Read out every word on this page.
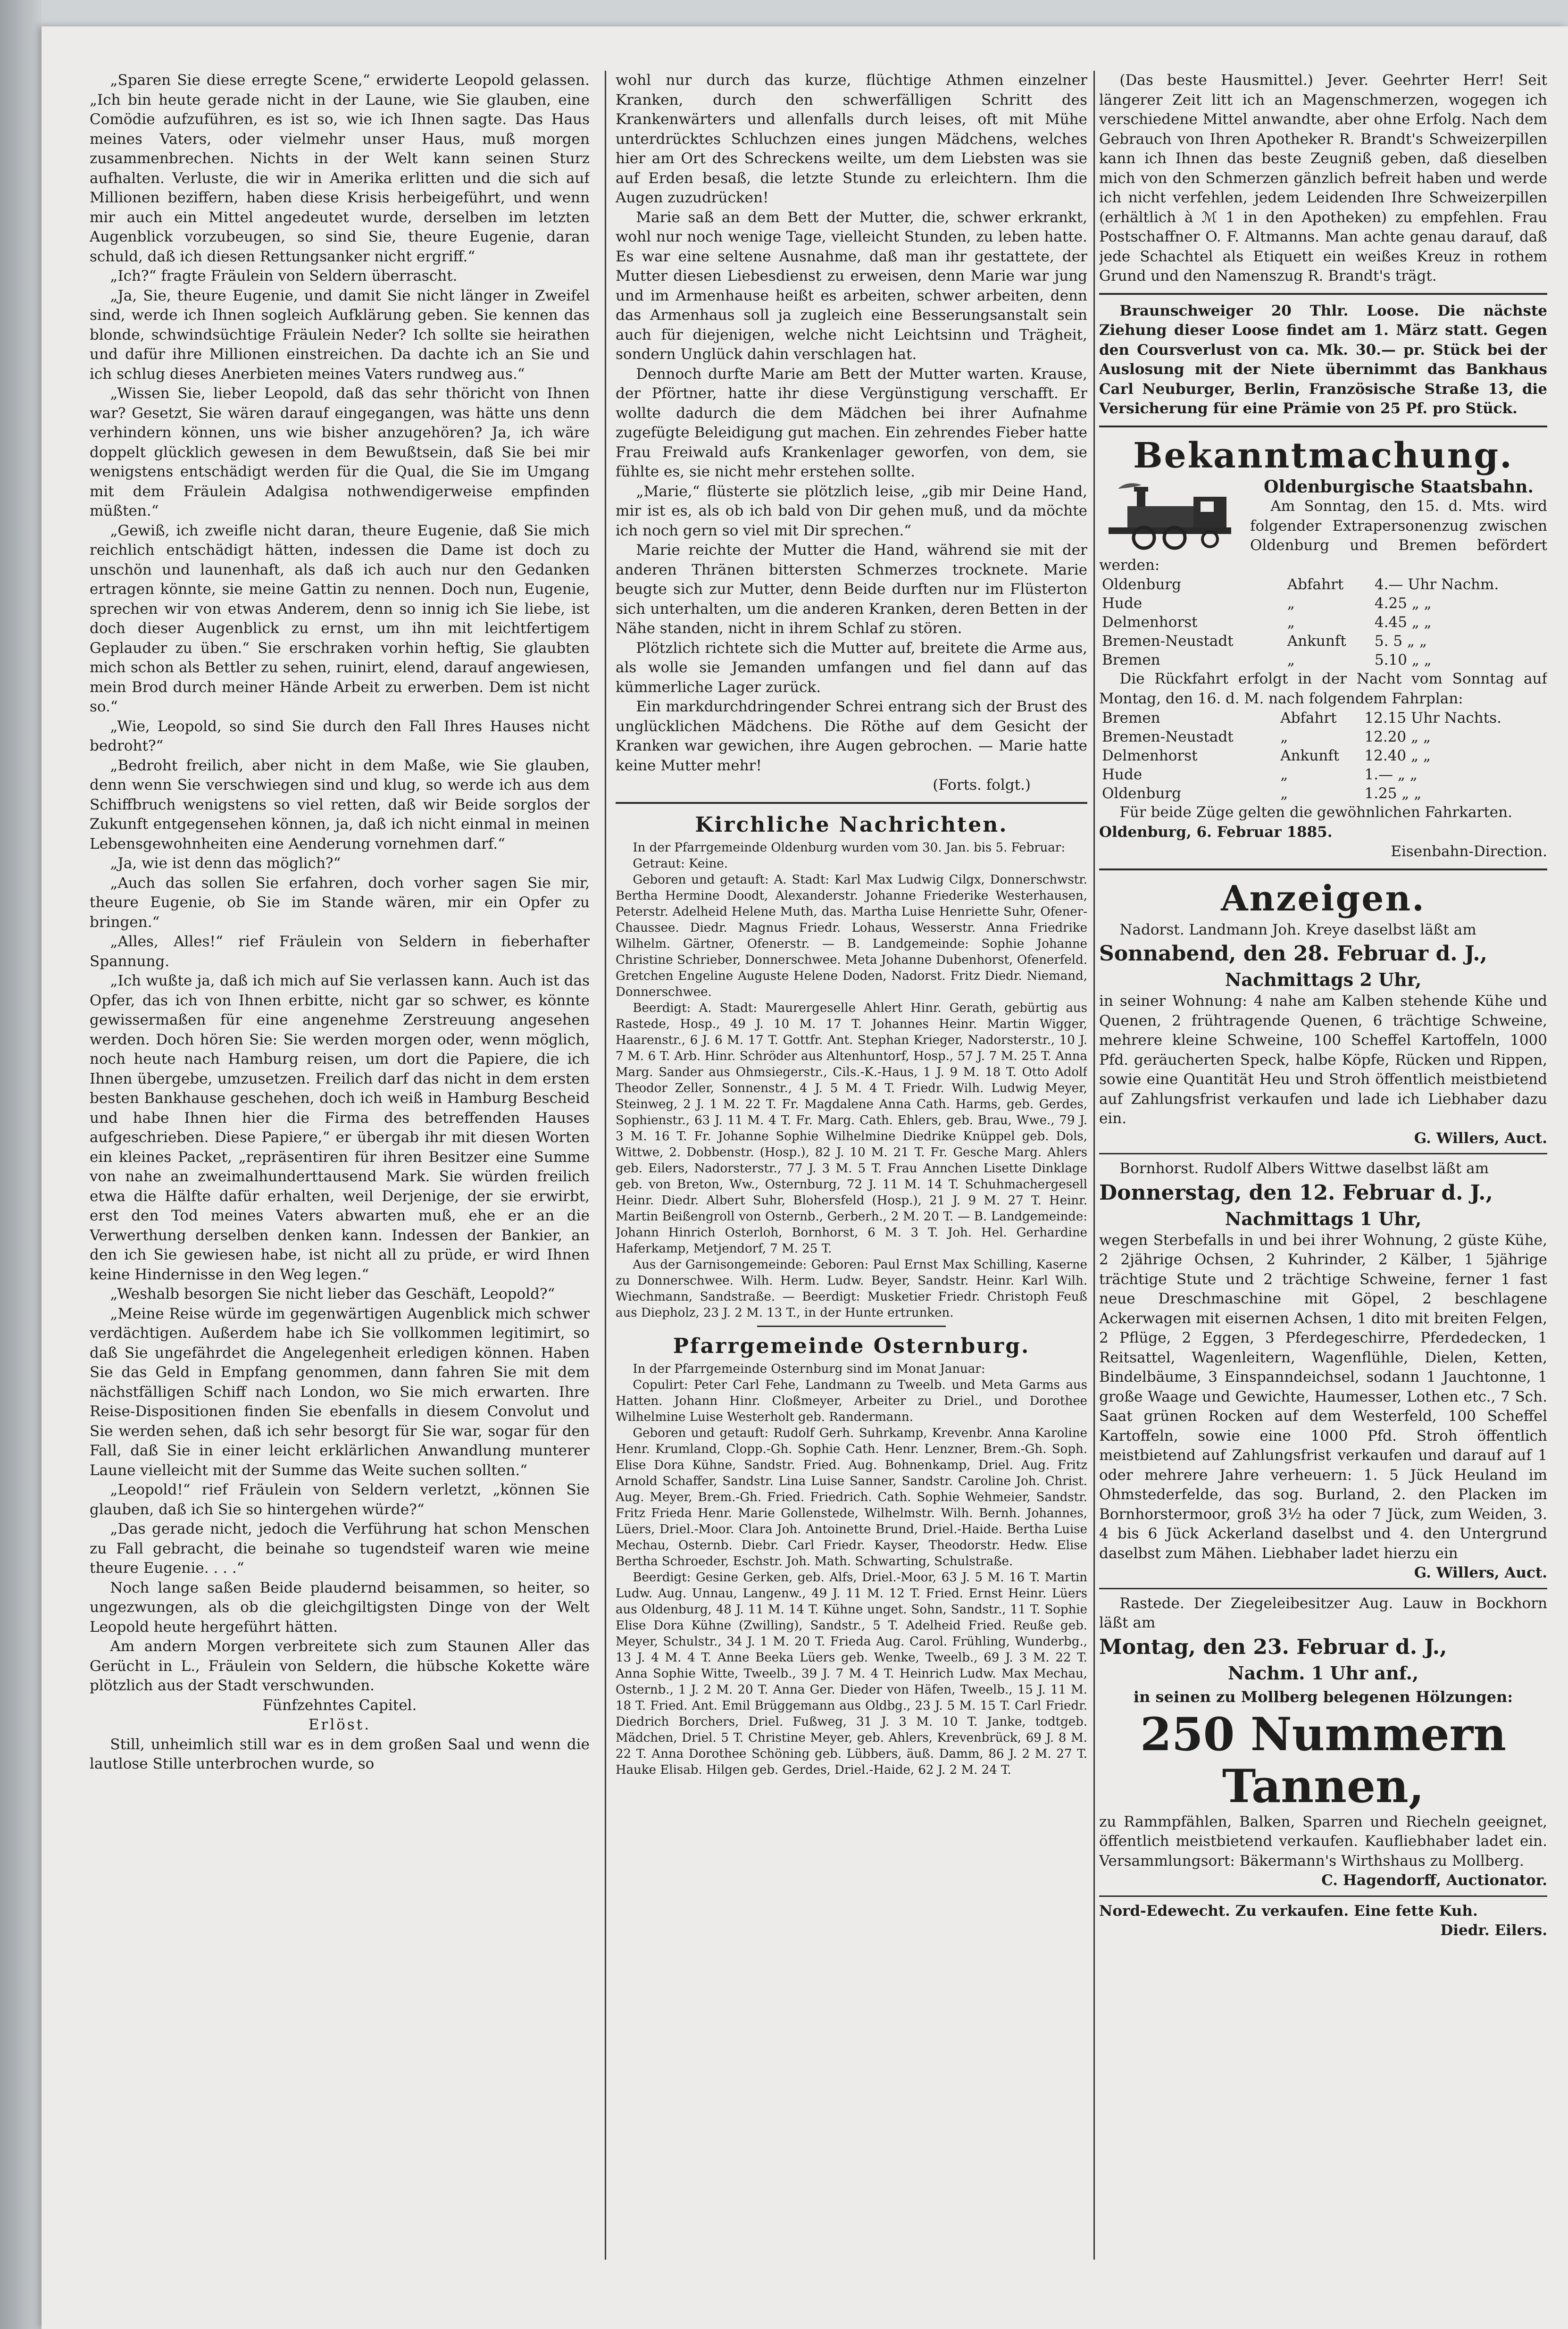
„Sparen Sie diese erregte Scene,“ erwiderte Leopold gelassen. „Ich bin heute gerade nicht in der Laune, wie Sie glauben, eine Comödie aufzuführen, es ist so, wie ich Ihnen sagte. Das Haus meines Vaters, oder vielmehr unser Haus, muß morgen zusammenbrechen. Nichts in der Welt kann seinen Sturz aufhalten. Verluste, die wir in Amerika erlitten und die sich auf Millionen beziffern, haben diese Krisis herbeigeführt, und wenn mir auch ein Mittel angedeutet wurde, derselben im letzten Augenblick vorzubeugen, so sind Sie, theure Eugenie, daran schuld, daß ich diesen Rettungsanker nicht ergriff.“

„Ich?“ fragte Fräulein von Seldern überrascht.

„Ja, Sie, theure Eugenie, und damit Sie nicht länger in Zweifel sind, werde ich Ihnen sogleich Aufklärung geben. Sie kennen das blonde, schwindsüchtige Fräulein Neder? Ich sollte sie heirathen und dafür ihre Millionen einstreichen. Da dachte ich an Sie und ich schlug dieses Anerbieten meines Vaters rundweg aus.“

„Wissen Sie, lieber Leopold, daß das sehr thöricht von Ihnen war? Gesetzt, Sie wären darauf eingegangen, was hätte uns denn verhindern können, uns wie bisher anzugehören? Ja, ich wäre doppelt glücklich gewesen in dem Bewußtsein, daß Sie bei mir wenigstens entschädigt werden für die Qual, die Sie im Umgang mit dem Fräulein Adalgisa nothwendigerweise empfinden müßten.“

„Gewiß, ich zweifle nicht daran, theure Eugenie, daß Sie mich reichlich entschädigt hätten, indessen die Dame ist doch zu unschön und launenhaft, als daß ich auch nur den Gedanken ertragen könnte, sie meine Gattin zu nennen. Doch nun, Eugenie, sprechen wir von etwas Anderem, denn so innig ich Sie liebe, ist doch dieser Augenblick zu ernst, um ihn mit leichtfertigem Geplauder zu üben.“ Sie erschraken vorhin heftig, Sie glaubten mich schon als Bettler zu sehen, ruinirt, elend, darauf angewiesen, mein Brod durch meiner Hände Arbeit zu erwerben. Dem ist nicht so.“

„Wie, Leopold, so sind Sie durch den Fall Ihres Hauses nicht bedroht?“

„Bedroht freilich, aber nicht in dem Maße, wie Sie glauben, denn wenn Sie verschwiegen sind und klug, so werde ich aus dem Schiffbruch wenigstens so viel retten, daß wir Beide sorglos der Zukunft entgegensehen können, ja, daß ich nicht einmal in meinen Lebensgewohnheiten eine Aenderung vornehmen darf.“

„Ja, wie ist denn das möglich?“

„Auch das sollen Sie erfahren, doch vorher sagen Sie mir, theure Eugenie, ob Sie im Stande wären, mir ein Opfer zu bringen.“

„Alles, Alles!“ rief Fräulein von Seldern in fieberhafter Spannung.

„Ich wußte ja, daß ich mich auf Sie verlassen kann. Auch ist das Opfer, das ich von Ihnen erbitte, nicht gar so schwer, es könnte gewissermaßen für eine angenehme Zerstreuung angesehen werden. Doch hören Sie: Sie werden morgen oder, wenn möglich, noch heute nach Hamburg reisen, um dort die Papiere, die ich Ihnen übergebe, umzusetzen. Freilich darf das nicht in dem ersten besten Bankhause geschehen, doch ich weiß in Hamburg Bescheid und habe Ihnen hier die Firma des betreffenden Hauses aufgeschrieben. Diese Papiere,“ er übergab ihr mit diesen Worten ein kleines Packet, „repräsentiren für ihren Besitzer eine Summe von nahe an zweimalhunderttausend Mark. Sie würden freilich etwa die Hälfte dafür erhalten, weil Derjenige, der sie erwirbt, erst den Tod meines Vaters abwarten muß, ehe er an die Verwerthung derselben denken kann. Indessen der Bankier, an den ich Sie gewiesen habe, ist nicht all zu prüde, er wird Ihnen keine Hindernisse in den Weg legen.“

„Weshalb besorgen Sie nicht lieber das Geschäft, Leopold?“

„Meine Reise würde im gegenwärtigen Augenblick mich schwer verdächtigen. Außerdem habe ich Sie vollkommen legitimirt, so daß Sie ungefährdet die Angelegenheit erledigen können. Haben Sie das Geld in Empfang genommen, dann fahren Sie mit dem nächstfälligen Schiff nach London, wo Sie mich erwarten. Ihre Reise-Dispositionen finden Sie ebenfalls in diesem Convolut und Sie werden sehen, daß ich sehr besorgt für Sie war, sogar für den Fall, daß Sie in einer leicht erklärlichen Anwandlung munterer Laune vielleicht mit der Summe das Weite suchen sollten.“

„Leopold!“ rief Fräulein von Seldern verletzt, „können Sie glauben, daß ich Sie so hintergehen würde?“

„Das gerade nicht, jedoch die Verführung hat schon Menschen zu Fall gebracht, die beinahe so tugendsteif waren wie meine theure Eugenie. . . .“

Noch lange saßen Beide plaudernd beisammen, so heiter, so ungezwungen, als ob die gleichgiltigsten Dinge von der Welt Leopold heute hergeführt hätten.

Am andern Morgen verbreitete sich zum Staunen Aller das Gerücht in L., Fräulein von Seldern, die hübsche Kokette wäre plötzlich aus der Stadt verschwunden.

Fünfzehntes Capitel.

Erlöst.

Still, unheimlich still war es in dem großen Saal und wenn die lautlose Stille unterbrochen wurde, so

wohl nur durch das kurze, flüchtige Athmen einzelner Kranken, durch den schwerfälligen Schritt des Krankenwärters und allenfalls durch leises, oft mit Mühe unterdrücktes Schluchzen eines jungen Mädchens, welches hier am Ort des Schreckens weilte, um dem Liebsten was sie auf Erden besaß, die letzte Stunde zu erleichtern. Ihm die Augen zuzudrücken!

Marie saß an dem Bett der Mutter, die, schwer erkrankt, wohl nur noch wenige Tage, vielleicht Stunden, zu leben hatte. Es war eine seltene Ausnahme, daß man ihr gestattete, der Mutter diesen Liebesdienst zu erweisen, denn Marie war jung und im Armenhause heißt es arbeiten, schwer arbeiten, denn das Armenhaus soll ja zugleich eine Besserungsanstalt sein auch für diejenigen, welche nicht Leichtsinn und Trägheit, sondern Unglück dahin verschlagen hat.

Dennoch durfte Marie am Bett der Mutter warten. Krause, der Pförtner, hatte ihr diese Vergünstigung verschafft. Er wollte dadurch die dem Mädchen bei ihrer Aufnahme zugefügte Beleidigung gut machen. Ein zehrendes Fieber hatte Frau Freiwald aufs Krankenlager geworfen, von dem, sie fühlte es, sie nicht mehr erstehen sollte.

„Marie,“ flüsterte sie plötzlich leise, „gib mir Deine Hand, mir ist es, als ob ich bald von Dir gehen muß, und da möchte ich noch gern so viel mit Dir sprechen.“

Marie reichte der Mutter die Hand, während sie mit der anderen Thränen bittersten Schmerzes trocknete. Marie beugte sich zur Mutter, denn Beide durften nur im Flüsterton sich unterhalten, um die anderen Kranken, deren Betten in der Nähe standen, nicht in ihrem Schlaf zu stören.

Plötzlich richtete sich die Mutter auf, breitete die Arme aus, als wolle sie Jemanden umfangen und fiel dann auf das kümmerliche Lager zurück.

Ein markdurchdringender Schrei entrang sich der Brust des unglücklichen Mädchens. Die Röthe auf dem Gesicht der Kranken war gewichen, ihre Augen gebrochen. — Marie hatte keine Mutter mehr!

(Forts. folgt.)

Kirchliche Nachrichten.

In der Pfarrgemeinde Oldenburg wurden vom 30. Jan. bis 5. Februar:

Getraut: Keine.

Geboren und getauft: A. Stadt: Karl Max Ludwig Cilgx, Donnerschwstr. Bertha Hermine Doodt, Alexanderstr. Johanne Friederike Westerhausen, Peterstr. Adelheid Helene Muth, das. Martha Luise Henriette Suhr, Ofener-Chaussee. Diedr. Magnus Friedr. Lohaus, Wesserstr. Anna Friedrike Wilhelm. Gärtner, Ofenerstr. — B. Landgemeinde: Sophie Johanne Christine Schrieber, Donnerschwee. Meta Johanne Dubenhorst, Ofenerfeld. Gretchen Engeline Auguste Helene Doden, Nadorst. Fritz Diedr. Niemand, Donnerschwee.

Beerdigt: A. Stadt: Maurergeselle Ahlert Hinr. Gerath, gebürtig aus Rastede, Hosp., 49 J. 10 M. 17 T. Johannes Heinr. Martin Wigger, Haarenstr., 6 J. 6 M. 17 T. Gottfr. Ant. Stephan Krieger, Nadorsterstr., 10 J. 7 M. 6 T. Arb. Hinr. Schröder aus Altenhuntorf, Hosp., 57 J. 7 M. 25 T. Anna Marg. Sander aus Ohmsiegerstr., Cils.-K.-Haus, 1 J. 9 M. 18 T. Otto Adolf Theodor Zeller, Sonnenstr., 4 J. 5 M. 4 T. Friedr. Wilh. Ludwig Meyer, Steinweg, 2 J. 1 M. 22 T. Fr. Magdalene Anna Cath. Harms, geb. Gerdes, Sophienstr., 63 J. 11 M. 4 T. Fr. Marg. Cath. Ehlers, geb. Brau, Wwe., 79 J. 3 M. 16 T. Fr. Johanne Sophie Wilhelmine Diedrike Knüppel geb. Dols, Wittwe, 2. Dobbenstr. (Hosp.), 82 J. 10 M. 21 T. Fr. Gesche Marg. Ahlers geb. Eilers, Nadorsterstr., 77 J. 3 M. 5 T. Frau Annchen Lisette Dinklage geb. von Breton, Ww., Osternburg, 72 J. 11 M. 14 T. Schuhmachergesell Heinr. Diedr. Albert Suhr, Blohersfeld (Hosp.), 21 J. 9 M. 27 T. Heinr. Martin Beißengroll von Osternb., Gerberh., 2 M. 20 T. — B. Landgemeinde: Johann Hinrich Osterloh, Bornhorst, 6 M. 3 T. Joh. Hel. Gerhardine Haferkamp, Metjendorf, 7 M. 25 T.

Aus der Garnisongemeinde: Geboren: Paul Ernst Max Schilling, Kaserne zu Donnerschwee. Wilh. Herm. Ludw. Beyer, Sandstr. Heinr. Karl Wilh. Wiechmann, Sandstraße. — Beerdigt: Musketier Friedr. Christoph Feuß aus Diepholz, 23 J. 2 M. 13 T., in der Hunte ertrunken.

Pfarrgemeinde Osternburg.

In der Pfarrgemeinde Osternburg sind im Monat Januar:

Copulirt: Peter Carl Fehe, Landmann zu Tweelb. und Meta Garms aus Hatten. Johann Hinr. Cloßmeyer, Arbeiter zu Driel., und Dorothee Wilhelmine Luise Westerholt geb. Randermann.

Geboren und getauft: Rudolf Gerh. Suhrkamp, Krevenbr. Anna Karoline Henr. Krumland, Clopp.-Gh. Sophie Cath. Henr. Lenzner, Brem.-Gh. Soph. Elise Dora Kühne, Sandstr. Fried. Aug. Bohnenkamp, Driel. Aug. Fritz Arnold Schaffer, Sandstr. Lina Luise Sanner, Sandstr. Caroline Joh. Christ. Aug. Meyer, Brem.-Gh. Fried. Friedrich. Cath. Sophie Wehmeier, Sandstr. Fritz Frieda Henr. Marie Gollenstede, Wilhelmstr. Wilh. Bernh. Johannes, Lüers, Driel.-Moor. Clara Joh. Antoinette Brund, Driel.-Haide. Bertha Luise Mechau, Osternb. Diebr. Carl Friedr. Kayser, Theodorstr. Hedw. Elise Bertha Schroeder, Eschstr. Joh. Math. Schwarting, Schulstraße.

Beerdigt: Gesine Gerken, geb. Alfs, Driel.-Moor, 63 J. 5 M. 16 T. Martin Ludw. Aug. Unnau, Langenw., 49 J. 11 M. 12 T. Fried. Ernst Heinr. Lüers aus Oldenburg, 48 J. 11 M. 14 T. Kühne unget. Sohn, Sandstr., 11 T. Sophie Elise Dora Kühne (Zwilling), Sandstr., 5 T. Adelheid Fried. Reuße geb. Meyer, Schulstr., 34 J. 1 M. 20 T. Frieda Aug. Carol. Frühling, Wunderbg., 13 J. 4 M. 4 T. Anne Beeka Lüers geb. Wenke, Tweelb., 69 J. 3 M. 22 T. Anna Sophie Witte, Tweelb., 39 J. 7 M. 4 T. Heinrich Ludw. Max Mechau, Osternb., 1 J. 2 M. 20 T. Anna Ger. Dieder von Häfen, Tweelb., 15 J. 11 M. 18 T. Fried. Ant. Emil Brüggemann aus Oldbg., 23 J. 5 M. 15 T. Carl Friedr. Diedrich Borchers, Driel. Fußweg, 31 J. 3 M. 10 T. Janke, todtgeb. Mädchen, Driel. 5 T. Christine Meyer, geb. Ahlers, Krevenbrück, 69 J. 8 M. 22 T. Anna Dorothee Schöning geb. Lübbers, äuß. Damm, 86 J. 2 M. 27 T. Hauke Elisab. Hilgen geb. Gerdes, Driel.-Haide, 62 J. 2 M. 24 T.

(Das beste Hausmittel.) Jever. Geehrter Herr! Seit längerer Zeit litt ich an Magenschmerzen, wogegen ich verschiedene Mittel anwandte, aber ohne Erfolg. Nach dem Gebrauch von Ihren Apotheker R. Brandt's Schweizerpillen kann ich Ihnen das beste Zeugniß geben, daß dieselben mich von den Schmerzen gänzlich befreit haben und werde ich nicht verfehlen, jedem Leidenden Ihre Schweizerpillen (erhältlich à ℳ 1 in den Apotheken) zu empfehlen. Frau Postschaffner O. F. Altmanns. Man achte genau darauf, daß jede Schachtel als Etiquett ein weißes Kreuz in rothem Grund und den Namenszug R. Brandt's trägt.

Braunschweiger 20 Thlr. Loose. Die nächste Ziehung dieser Loose findet am 1. März statt. Gegen den Coursverlust von ca. Mk. 30.— pr. Stück bei der Auslosung mit der Niete übernimmt das Bankhaus Carl Neuburger, Berlin, Französische Straße 13, die Versicherung für eine Prämie von 25 Pf. pro Stück.

Bekanntmachung.

Oldenburgische Staatsbahn.

Am Sonntag, den 15. d. Mts. wird folgender Extrapersonenzug zwischen Oldenburg und Bremen befördert werden:

Oldenburg	Abfahrt	4.— Uhr Nachm.
Hude	„	4.25 „ „
Delmenhorst	„	4.45 „ „
Bremen-Neustadt	Ankunft	5. 5 „ „
Bremen	„	5.10 „ „

Die Rückfahrt erfolgt in der Nacht vom Sonntag auf Montag, den 16. d. M. nach folgendem Fahrplan:

Bremen	Abfahrt	12.15 Uhr Nachts.
Bremen-Neustadt	„	12.20 „ „
Delmenhorst	Ankunft	12.40 „ „
Hude	„	1.— „ „
Oldenburg	„	1.25 „ „

Für beide Züge gelten die gewöhnlichen Fahrkarten.

Oldenburg, 6. Februar 1885.

Eisenbahn-Direction.

Anzeigen.

Nadorst. Landmann Joh. Kreye daselbst läßt am

Sonnabend, den 28. Februar d. J.,

Nachmittags 2 Uhr,

in seiner Wohnung: 4 nahe am Kalben stehende Kühe und Quenen, 2 frühtragende Quenen, 6 trächtige Schweine, mehrere kleine Schweine, 100 Scheffel Kartoffeln, 1000 Pfd. geräucherten Speck, halbe Köpfe, Rücken und Rippen, sowie eine Quantität Heu und Stroh öffentlich meistbietend auf Zahlungsfrist verkaufen und lade ich Liebhaber dazu ein.

G. Willers, Auct.

Bornhorst. Rudolf Albers Wittwe daselbst läßt am

Donnerstag, den 12. Februar d. J.,

Nachmittags 1 Uhr,

wegen Sterbefalls in und bei ihrer Wohnung, 2 güste Kühe, 2 2jährige Ochsen, 2 Kuhrinder, 2 Kälber, 1 5jährige trächtige Stute und 2 trächtige Schweine, ferner 1 fast neue Dreschmaschine mit Göpel, 2 beschlagene Ackerwagen mit eisernen Achsen, 1 dito mit breiten Felgen, 2 Pflüge, 2 Eggen, 3 Pferdegeschirre, Pferdedecken, 1 Reitsattel, Wagenleitern, Wagenflühle, Dielen, Ketten, Bindelbäume, 3 Einspanndeichsel, sodann 1 Jauchtonne, 1 große Waage und Gewichte, Haumesser, Lothen etc., 7 Sch. Saat grünen Rocken auf dem Westerfeld, 100 Scheffel Kartoffeln, sowie eine 1000 Pfd. Stroh öffentlich meistbietend auf Zahlungsfrist verkaufen und darauf auf 1 oder mehrere Jahre verheuern: 1. 5 Jück Heuland im Ohmstederfelde, das sog. Burland, 2. den Placken im Bornhorstermoor, groß 3½ ha oder 7 Jück, zum Weiden, 3. 4 bis 6 Jück Ackerland daselbst und 4. den Untergrund daselbst zum Mähen. Liebhaber ladet hierzu ein

G. Willers, Auct.

Rastede. Der Ziegeleibesitzer Aug. Lauw in Bockhorn läßt am

Montag, den 23. Februar d. J.,

Nachm. 1 Uhr anf.,

in seinen zu Mollberg belegenen Hölzungen:

250 Nummern Tannen,

zu Rammpfählen, Balken, Sparren und Riecheln geeignet, öffentlich meistbietend verkaufen. Kaufliebhaber ladet ein. Versammlungsort: Bäkermann's Wirthshaus zu Mollberg.

C. Hagendorff, Auctionator.

Nord-Edewecht. Zu verkaufen. Eine fette Kuh.

Diedr. Eilers.
